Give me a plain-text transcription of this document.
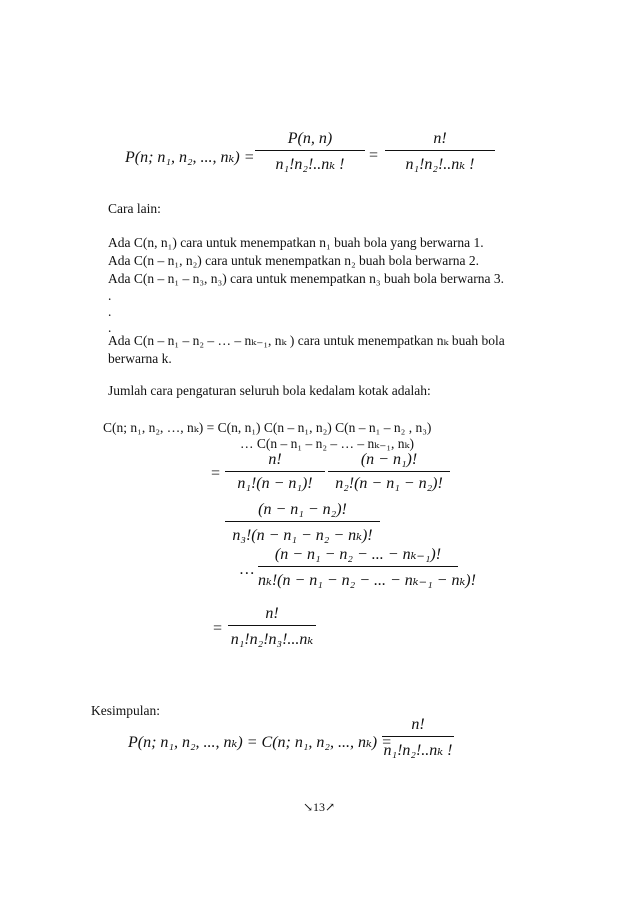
P(n; n₁, n₂, ..., nₖ) =
P(n, n)
n₁!n₂!..nₖ !
=
n!
n₁!n₂!..nₖ !
Cara lain:
Ada C(n, n₁) cara untuk menempatkan n₁ buah bola yang berwarna 1.
Ada C(n – n₁, n₂) cara untuk menempatkan n₂ buah bola berwarna 2.
Ada C(n – n₁ – n₃, n₃) cara untuk menempatkan n₃ buah bola berwarna 3.
.
.
.
Ada C(n – n₁ – n₂ – … – nₖ₋₁, nₖ ) cara untuk menempatkan nₖ buah bola
berwarna k.
Jumlah cara pengaturan seluruh bola kedalam kotak adalah:
C(n; n₁, n₂, …, nₖ) = C(n, n₁) C(n – n₁, n₂) C(n – n₁ – n₂ , n₃)
… C(n – n₁ – n₂ – … – nₖ₋₁, nₖ)
=
n!
n₁!(n − n₁)!
(n − n₁)!
n₂!(n − n₁ − n₂)!
(n − n₁ − n₂)!
n₃!(n − n₁ − n₂ − nₖ)!
…
(n − n₁ − n₂ − ... − nₖ₋₁)!
nₖ!(n − n₁ − n₂ − ... − nₖ₋₁ − nₖ)!
=
n!
n₁!n₂!n₃!...nₖ
Kesimpulan:
P(n; n₁, n₂, ..., nₖ) = C(n; n₁, n₂, ..., nₖ) =
n!
n₁!n₂!..nₖ !
↘13↗
